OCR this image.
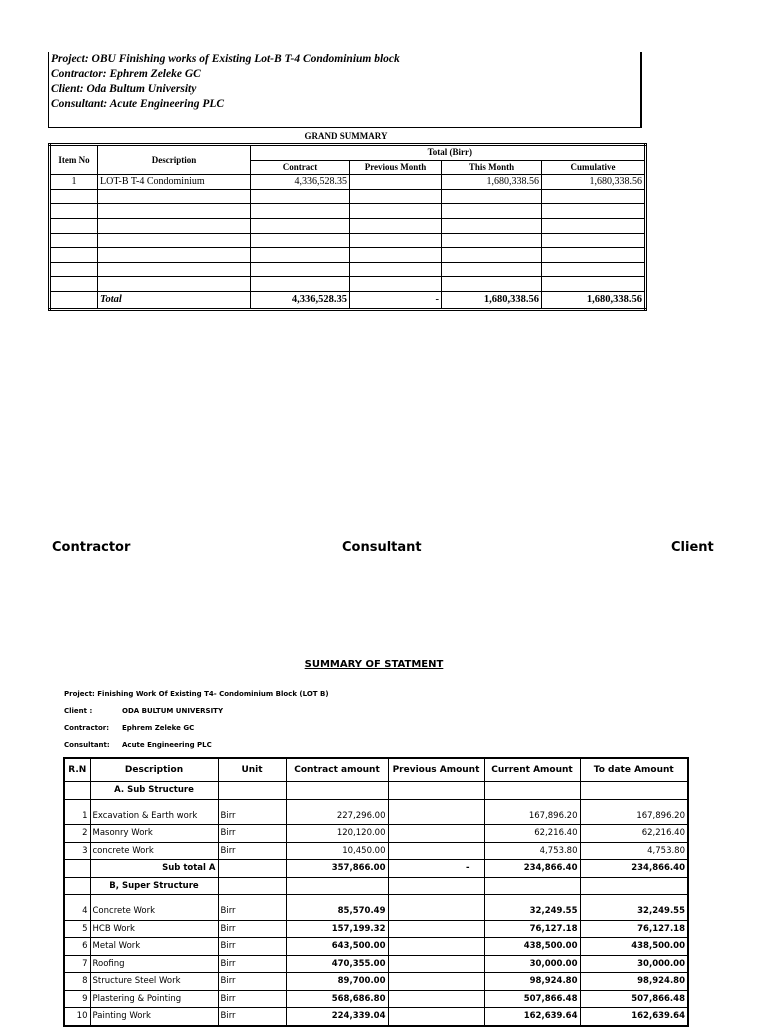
Project: OBU Finishing works of Existing Lot-B T-4 Condominium block
Contractor: Ephrem Zeleke GC
Client: Oda Bultum University
Consultant: Acute Engineering PLC
GRAND SUMMARY
Item No	Description	Total (Birr)			
		Contract	Previous Month	This Month	Cumulative
1	LOT-B T-4 Condominium	4,336,528.35		1,680,338.56	1,680,338.56

	Total	4,336,528.35	-	1,680,338.56	1,680,338.56
Contractor	Consultant	Client
SUMMARY OF STATMENT
Project: Finishing Work Of Existing T4- Condominium Block (LOT B)
Client :	ODA BULTUM UNIVERSITY
Contractor: Ephrem Zeleke GC
Consultant: Acute Engineering PLC
R.N	Description	Unit	Contract amount	Previous Amount	Current Amount	To date Amount
	A. Sub Structure					

1	Excavation & Earth work	Birr	227,296.00		167,896.20	167,896.20
2	Masonry Work	Birr	120,120.00		62,216.40	62,216.40
3	concrete Work	Birr	10,450.00		4,753.80	4,753.80
	Sub total A		357,866.00	-	234,866.40	234,866.40
	B, Super Structure					

4	Concrete Work	Birr	85,570.49		32,249.55	32,249.55
5	HCB Work	Birr	157,199.32		76,127.18	76,127.18
6	Metal Work	Birr	643,500.00		438,500.00	438,500.00
7	Roofing	Birr	470,355.00		30,000.00	30,000.00
8	Structure Steel Work	Birr	89,700.00		98,924.80	98,924.80
9	Plastering & Pointing	Birr	568,686.80		507,866.48	507,866.48
10	Painting Work	Birr	224,339.04		162,639.64	162,639.64
